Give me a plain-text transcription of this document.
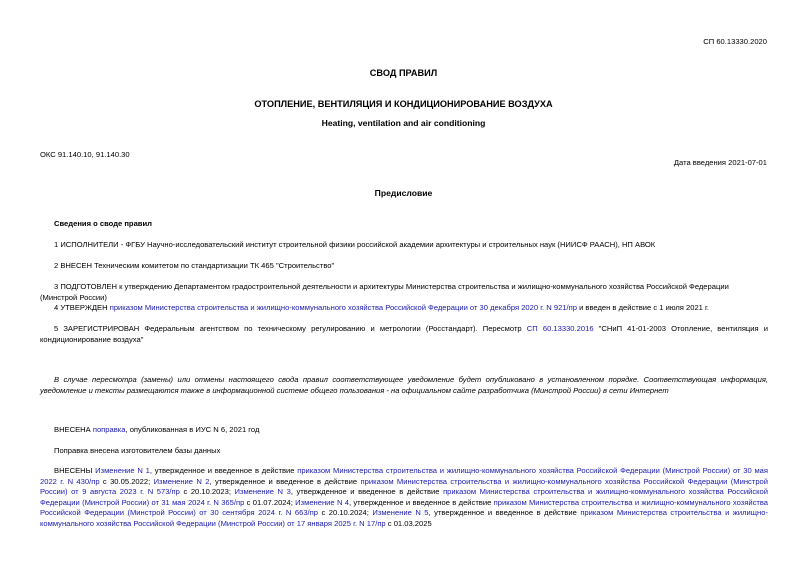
СП 60.13330.2020
СВОД ПРАВИЛ
ОТОПЛЕНИЕ, ВЕНТИЛЯЦИЯ И КОНДИЦИОНИРОВАНИЕ ВОЗДУХА
Heating, ventilation and air conditioning
ОКС 91.140.10, 91.140.30
Дата введения 2021-07-01
Предисловие
Сведения о своде правил
1 ИСПОЛНИТЕЛИ - ФГБУ Научно-исследовательский институт строительной физики российской академии архитектуры и строительных наук (НИИСФ РААСН), НП АВОК
2 ВНЕСЕН Техническим комитетом по стандартизации ТК 465 "Строительство"
3 ПОДГОТОВЛЕН к утверждению Департаментом градостроительной деятельности и архитектуры Министерства строительства и жилищно-коммунального хозяйства Российской Федерации (Минстрой России)
4 УТВЕРЖДЕН приказом Министерства строительства и жилищно-коммунального хозяйства Российской Федерации от 30 декабря 2020 г. N 921/пр и введен в действие с 1 июля 2021 г.
5 ЗАРЕГИСТРИРОВАН Федеральным агентством по техническому регулированию и метрологии (Росстандарт). Пересмотр СП 60.13330.2016 "СНиП 41-01-2003 Отопление, вентиляция и кондиционирование воздуха"
В случае пересмотра (замены) или отмены настоящего свода правил соответствующее уведомление будет опубликовано в установленном порядке. Соответствующая информация, уведомление и тексты размещаются также в информационной системе общего пользования - на официальном сайте разработчика (Минстрой России) в сети Интернет
ВНЕСЕНА поправка, опубликованная в ИУС N 6, 2021 год
Поправка внесена изготовителем базы данных
ВНЕСЕНЫ Изменение N 1, утвержденное и введенное в действие приказом Министерства строительства и жилищно-коммунального хозяйства Российской Федерации (Минстрой России) от 30 мая 2022 г. N 430/пр с 30.05.2022; Изменение N 2, утвержденное и введенное в действие приказом Министерства строительства и жилищно-коммунального хозяйства Российской Федерации (Минстрой России) от 9 августа 2023 г. N 573/пр с 20.10.2023; Изменение N 3, утвержденное и введенное в действие приказом Министерства строительства и жилищно-коммунального хозяйства Российской Федерации (Минстрой России) от 31 мая 2024 г. N 365/пр с 01.07.2024; Изменение N 4, утвержденное и введенное в действие приказом Министерства строительства и жилищно-коммунального хозяйства Российской Федерации (Минстрой России) от 30 сентября 2024 г. N 663/пр с 20.10.2024; Изменение N 5, утвержденное и введенное в действие приказом Министерства строительства и жилищно-коммунального хозяйства Российской Федерации (Минстрой России) от 17 января 2025 г. N 17/пр с 01.03.2025
